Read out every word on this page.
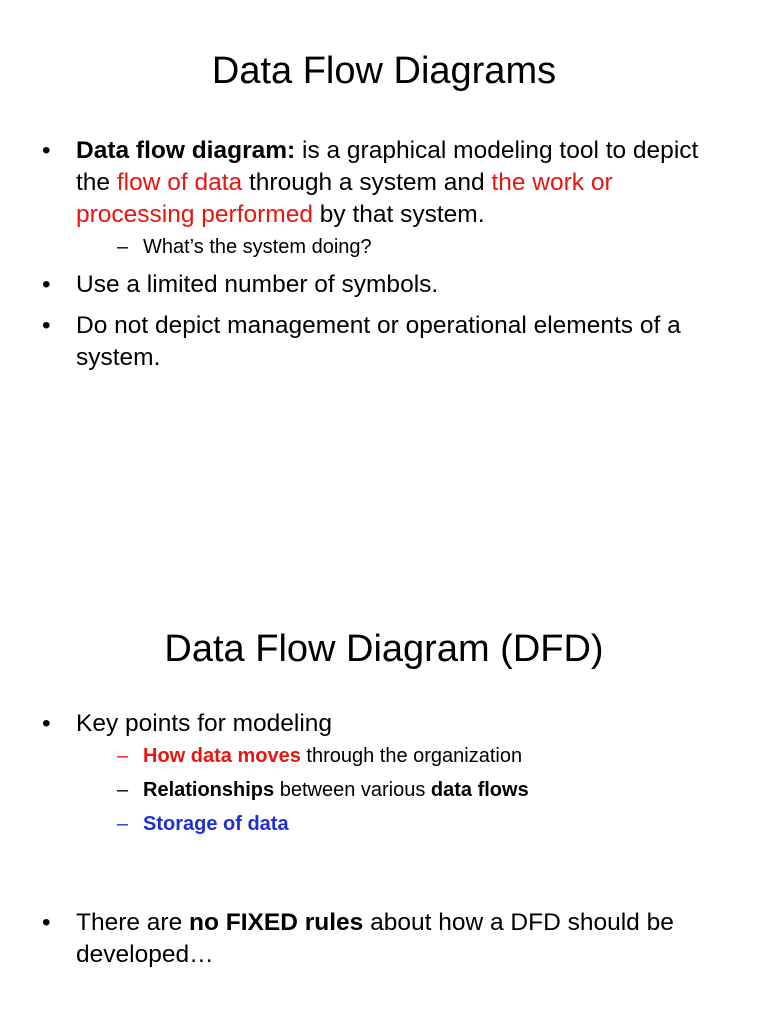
Data Flow Diagrams
• Data flow diagram: is a graphical modeling tool to depict the flow of data through a system and the work or processing performed by that system.
– What’s the system doing?
• Use a limited number of symbols.
• Do not depict management or operational elements of a system.
Data Flow Diagram (DFD)
• Key points for modeling
– How data moves through the organization
– Relationships between various data flows
– Storage of data
• There are no FIXED rules about how a DFD should be developed…
